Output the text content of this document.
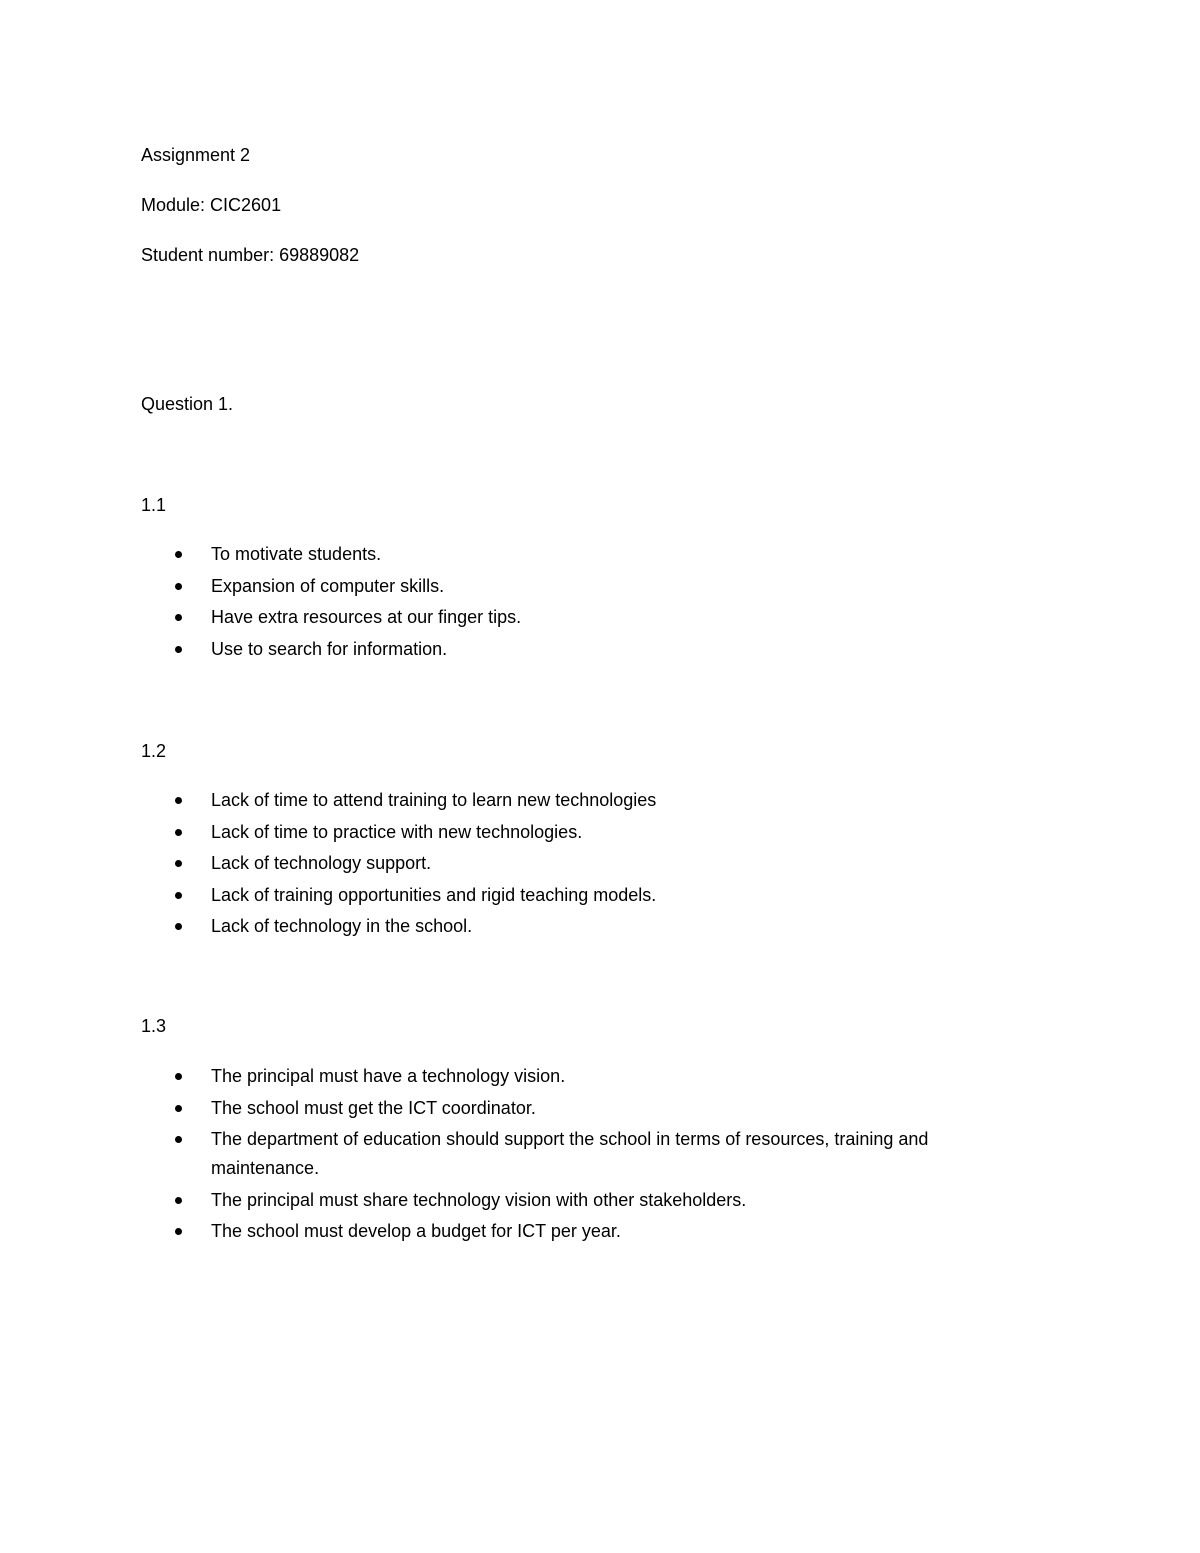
Assignment 2

Module: CIC2601

Student number: 69889082

Question 1.

1.1

To motivate students.
Expansion of computer skills.
Have extra resources at our finger tips.
Use to search for information.

1.2

Lack of time to attend training to learn new technologies
Lack of time to practice with new technologies.
Lack of technology support.
Lack of training opportunities and rigid teaching models.
Lack of technology in the school.

1.3

The principal must have a technology vision.
The school must get the ICT coordinator.
The department of education should support the school in terms of resources, training and maintenance.
The principal must share technology vision with other stakeholders.
The school must develop a budget for ICT per year.
